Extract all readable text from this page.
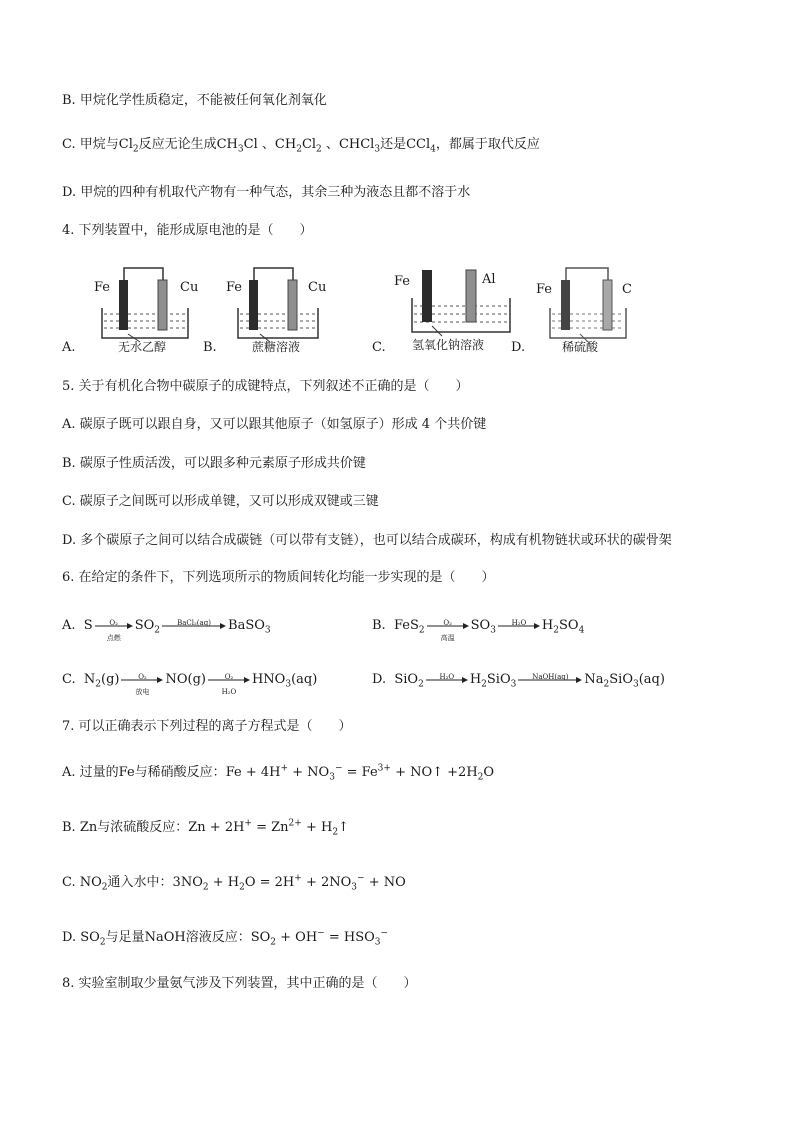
B. 甲烷化学性质稳定，不能被任何氧化剂氧化
C. 甲烷与$Cl_2$反应无论生成$CH_3Cl$ 、$CH_2Cl_2$ 、CHCl$_3$还是CCl$_4$，都属于取代反应
D. 甲烷的四种有机取代产物有一种气态，其余三种为液态且都不溶于水
4. 下列装置中，能形成原电池的是（　　）
Fe	Cu
无水乙醇
A.
Fe	Cu
蔗糖溶液
B.
Fe	Al
氢氧化钠溶液
C.
Fe	C
稀硫酸
D.
5. 关于有机化合物中碳原子的成键特点，下列叙述不正确的是（　　）
A. 碳原子既可以跟自身，又可以跟其他原子（如氢原子）形成 4 个共价键
B. 碳原子性质活泼，可以跟多种元素原子形成共价键
C. 碳原子之间既可以形成单键，又可以形成双键或三键
D. 多个碳原子之间可以结合成碳链（可以带有支链），也可以结合成碳环，构成有机物链状或环状的碳骨架
6. 在给定的条件下，下列选项所示的物质间转化均能一步实现的是（　　）
A. S	O₂
点燃
$SO_2$
BaCl₂(aq)	BaSO$_3$	B. FeS$_2$
O₂
高温
$SO_3$
H₂O	$H_2SO_4$
C. $N_2(g)$	O₂
放电
NO(g)	O₂
H₂O
$HNO_3(aq)$	D. SiO$_2$
H₂O	$H_2SiO_3$
NaOH(aq)	$Na_2SiO_3(aq)$
7. 可以正确表示下列过程的离子方程式是（　　）
A. 过量的Fe与稀硝酸反应：$Fe + 4H^+ + NO_3^- = Fe^{3+}$ + NO↑ $+2H_2O$
B. Zn与浓硫酸反应：$Zn + 2H^+ = Zn^{2+}$ + $H_2↑$
C. $NO_2$通入水中：$3NO_2 + H_2O = 2H^+ + 2NO_3^-$ + NO
D. $SO_2$与足量NaOH溶液反应：$SO_2 + OH^- = HSO_3^-$
8. 实验室制取少量氨气涉及下列装置，其中正确的是（　　）
